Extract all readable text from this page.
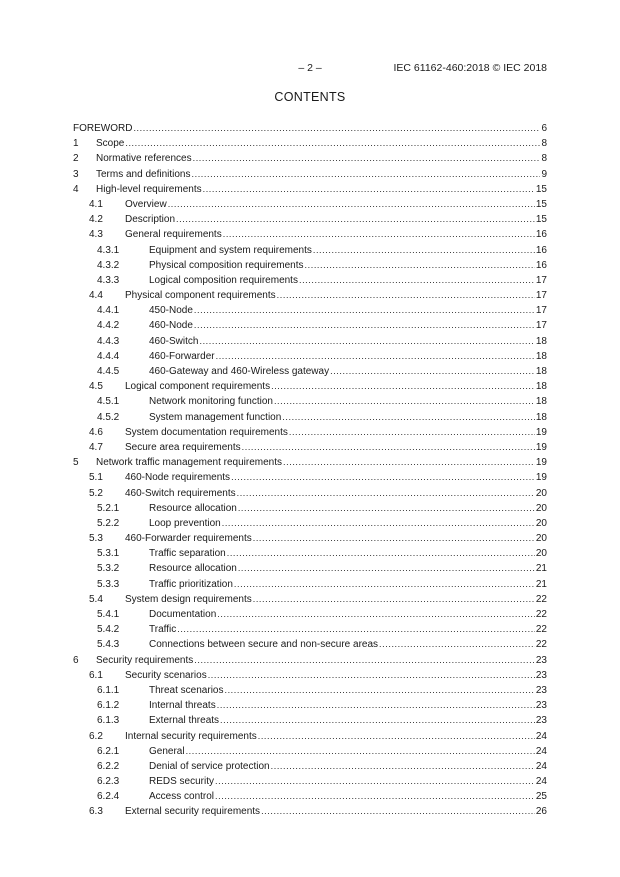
– 2 –	IEC 61162-460:2018 © IEC 2018
CONTENTS
FOREWORD .....	6
1	Scope .....	8
2	Normative references .....	8
3	Terms and definitions .....	9
4	High-level requirements .....	15
4.1	Overview .....	15
4.2	Description .....	15
4.3	General requirements .....	16
4.3.1	Equipment and system requirements .....	16
4.3.2	Physical composition requirements .....	16
4.3.3	Logical composition requirements .....	17
4.4	Physical component requirements .....	17
4.4.1	450-Node .....	17
4.4.2	460-Node .....	17
4.4.3	460-Switch .....	18
4.4.4	460-Forwarder .....	18
4.4.5	460-Gateway and 460-Wireless gateway .....	18
4.5	Logical component requirements .....	18
4.5.1	Network monitoring function .....	18
4.5.2	System management function .....	18
4.6	System documentation requirements .....	19
4.7	Secure area requirements .....	19
5	Network traffic management requirements .....	19
5.1	460-Node requirements .....	19
5.2	460-Switch requirements .....	20
5.2.1	Resource allocation .....	20
5.2.2	Loop prevention .....	20
5.3	460-Forwarder requirements .....	20
5.3.1	Traffic separation .....	20
5.3.2	Resource allocation .....	21
5.3.3	Traffic prioritization .....	21
5.4	System design requirements .....	22
5.4.1	Documentation .....	22
5.4.2	Traffic .....	22
5.4.3	Connections between secure and non-secure areas .....	22
6	Security requirements .....	23
6.1	Security scenarios .....	23
6.1.1	Threat scenarios .....	23
6.1.2	Internal threats .....	23
6.1.3	External threats .....	23
6.2	Internal security requirements .....	24
6.2.1	General .....	24
6.2.2	Denial of service protection .....	24
6.2.3	REDS security .....	24
6.2.4	Access control .....	25
6.3	External security requirements .....	26
